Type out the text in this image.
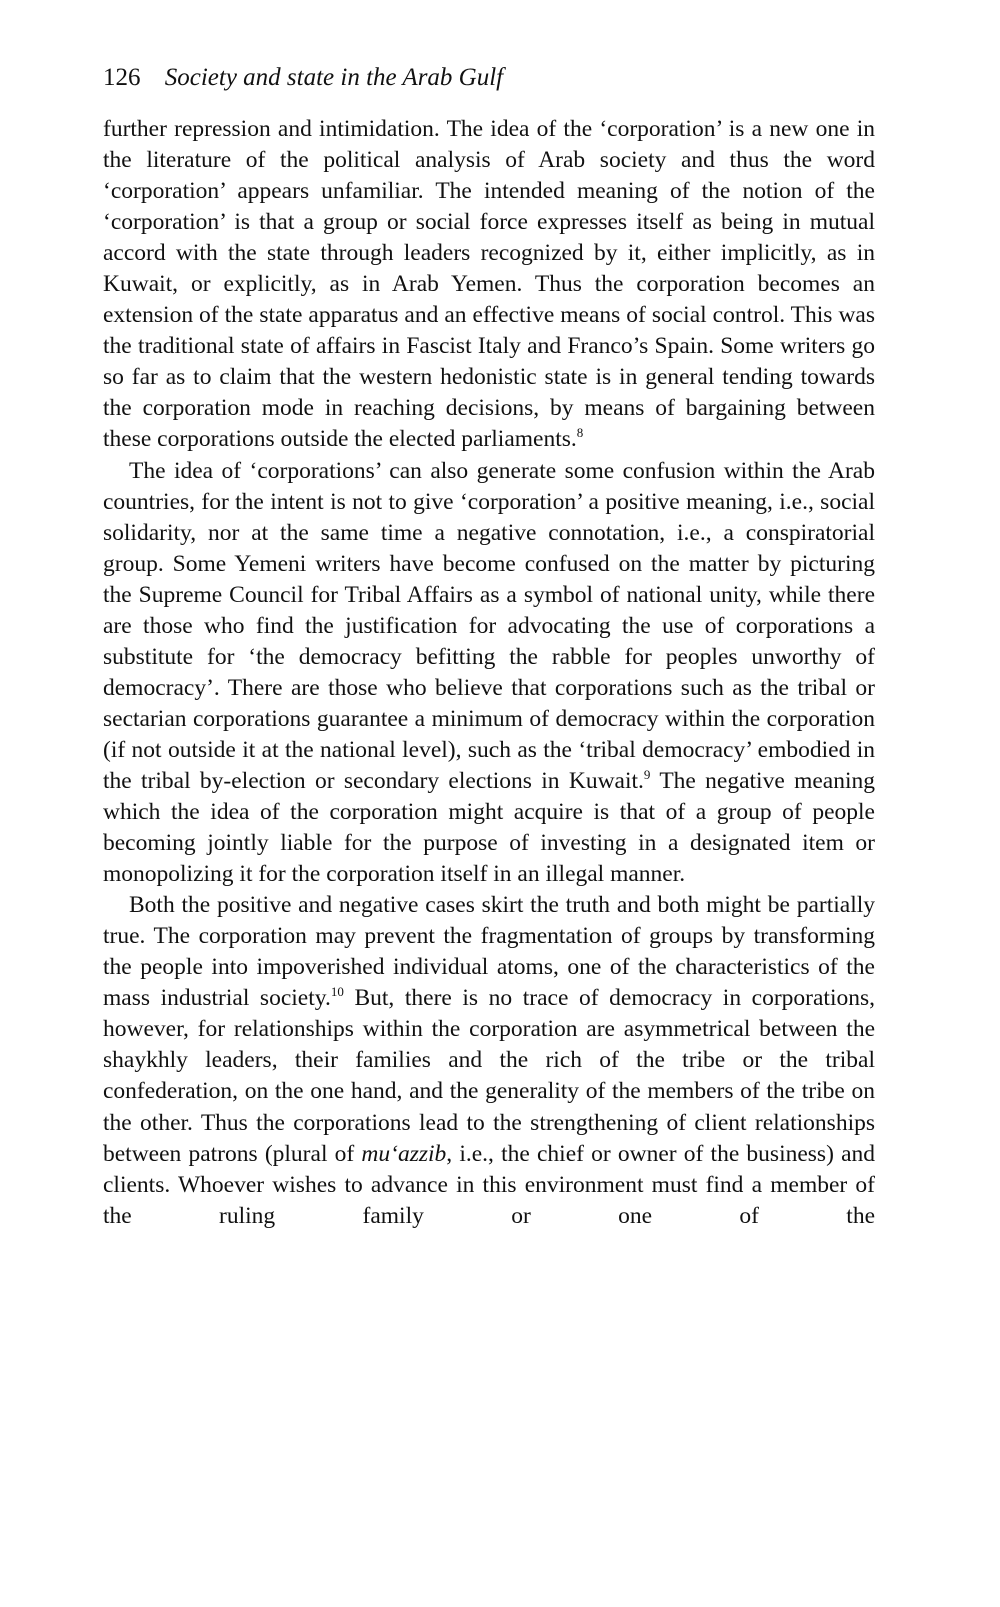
126 Society and state in the Arab Gulf

further repression and intimidation. The idea of the ‘corporation’ is a new one in the literature of the political analysis of Arab society and thus the word ‘corporation’ appears unfamiliar. The intended meaning of the notion of the ‘corporation’ is that a group or social force expresses itself as being in mutual accord with the state through leaders recognized by it, either implicitly, as in Kuwait, or explicitly, as in Arab Yemen. Thus the corporation becomes an extension of the state apparatus and an effective means of social control. This was the traditional state of affairs in Fascist Italy and Franco’s Spain. Some writers go so far as to claim that the western hedonistic state is in general tending towards the corporation mode in reaching decisions, by means of bargaining between these corporations outside the elected parliaments.$^8$

The idea of ‘corporations’ can also generate some confusion within the Arab countries, for the intent is not to give ‘corporation’ a positive meaning, i.e., social solidarity, nor at the same time a negative connotation, i.e., a conspiratorial group. Some Yemeni writers have become confused on the matter by picturing the Supreme Council for Tribal Affairs as a symbol of national unity, while there are those who find the justification for advocating the use of corporations a substitute for ‘the democracy befitting the rabble for peoples unworthy of democracy’. There are those who believe that corporations such as the tribal or sectarian corporations guarantee a minimum of democracy within the corporation (if not outside it at the national level), such as the ‘tribal democracy’ embodied in the tribal by-election or secondary elections in Kuwait.$^9$ The negative meaning which the idea of the corporation might acquire is that of a group of people becoming jointly liable for the purpose of investing in a designated item or monopolizing it for the corporation itself in an illegal manner.

Both the positive and negative cases skirt the truth and both might be partially true. The corporation may prevent the fragmentation of groups by transforming the people into impoverished individual atoms, one of the characteristics of the mass industrial society.$^{10}$ But, there is no trace of democracy in corporations, however, for relationships within the corporation are asymmetrical between the shaykhly leaders, their families and the rich of the tribe or the tribal confederation, on the one hand, and the generality of the members of the tribe on the other. Thus the corporations lead to the strengthening of client relationships between patrons (plural of mu‘azzib, i.e., the chief or owner of the business) and clients. Whoever wishes to advance in this environment must find a member of the ruling family or one of the
